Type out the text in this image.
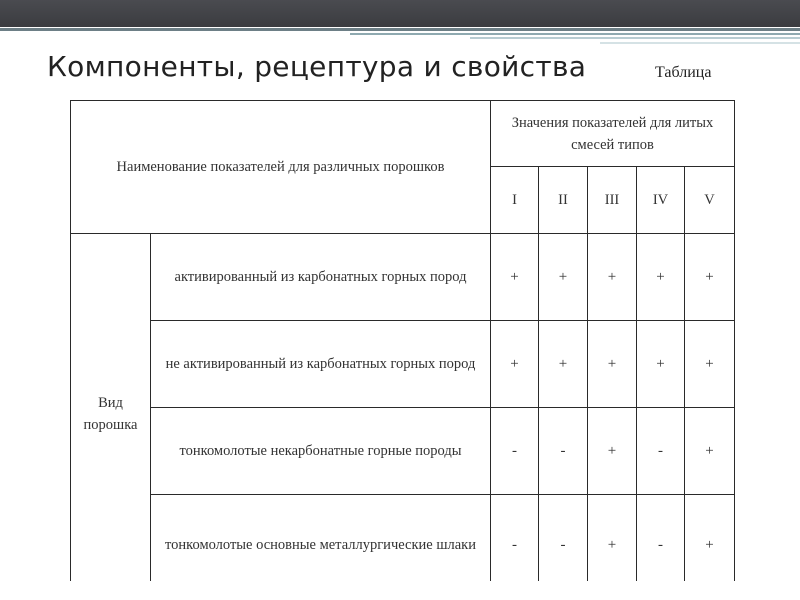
Компоненты, рецептура и свойства	Таблица
Наименование показателей для различных порошков		Значения показателей для литых смесей типов				
		I	II	III	IV	V
Вид порошка	активированный из карбонатных горных пород	+	+	+	+	+
	не активированный из карбонатных горных пород	+	+	+	+	+
	тонкомолотые некарбонатные горные породы	-	-	+	-	+
	тонкомолотые основные металлургические шлаки	-	-	+	-	+
